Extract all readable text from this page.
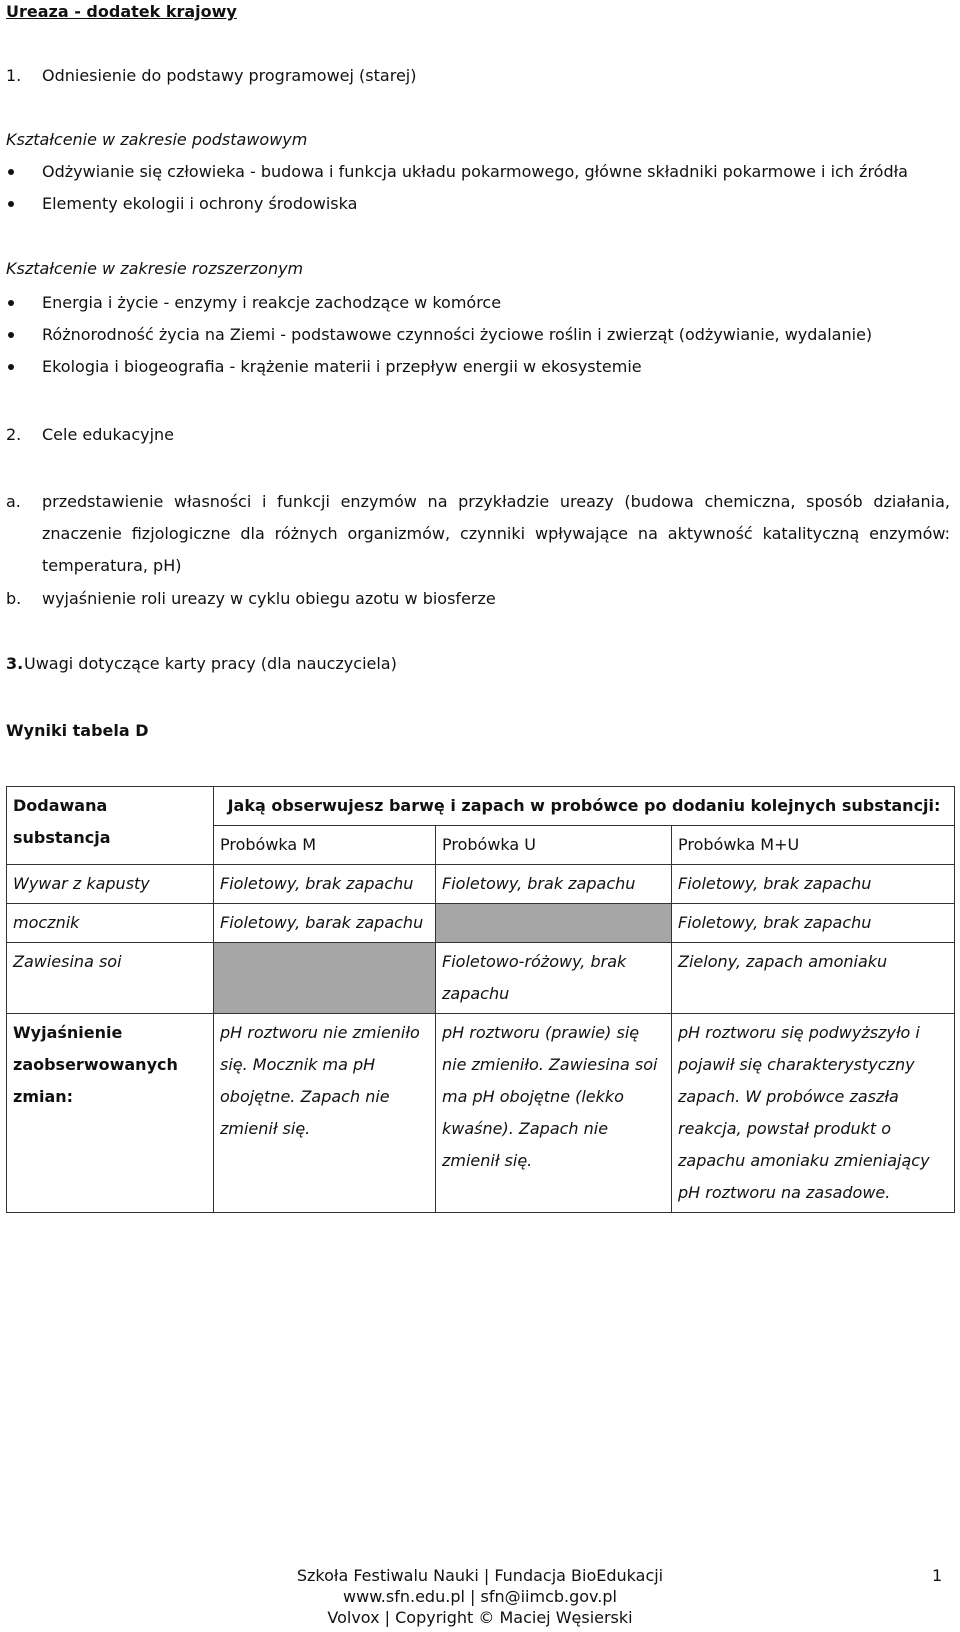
Ureaza - dodatek krajowy
1. Odniesienie do podstawy programowej (starej)
Kształcenie w zakresie podstawowym
Odżywianie się człowieka - budowa i funkcja układu pokarmowego, główne składniki pokarmowe i ich źródła
Elementy ekologii i ochrony środowiska
Kształcenie w zakresie rozszerzonym
Energia i życie - enzymy i reakcje zachodzące w komórce
Różnorodność życia na Ziemi - podstawowe czynności życiowe roślin i zwierząt (odżywianie, wydalanie)
Ekologia i biogeografia - krążenie materii i przepływ energii w ekosystemie
2. Cele edukacyjne
a. przedstawienie własności i funkcji enzymów na przykładzie ureazy (budowa chemiczna, sposób działania,
znaczenie fizjologiczne dla różnych organizmów, czynniki wpływające na aktywność katalityczną enzymów:
temperatura, pH)
b. wyjaśnienie roli ureazy w cyklu obiegu azotu w biosferze
3. Uwagi dotyczące karty pracy (dla nauczyciela)
Wyniki tabela D
Dodawana substancja	Jaką obserwujesz barwę i zapach w probówce po dodaniu kolejnych substancji:		
	Probówka M	Probówka U	Probówka M+U
Wywar z kapusty	Fioletowy, brak zapachu	Fioletowy, brak zapachu	Fioletowy, brak zapachu
mocznik	Fioletowy, barak zapachu		Fioletowy, brak zapachu
Zawiesina soi		Fioletowo-różowy, brak zapachu	Zielony, zapach amoniaku
Wyjaśnienie zaobserwowanych zmian:	pH roztworu nie zmieniło się. Mocznik ma pH obojętne. Zapach nie zmienił się.	pH roztworu (prawie) się nie zmieniło. Zawiesina soi ma pH obojętne (lekko kwaśne). Zapach nie zmienił się.	pH roztworu się podwyższyło i pojawił się charakterystyczny zapach. W probówce zaszła reakcja, powstał produkt o zapachu amoniaku zmieniający pH roztworu na zasadowe.
Szkoła Festiwalu Nauki | Fundacja BioEdukacji
www.sfn.edu.pl | sfn@iimcb.gov.pl
Volvox | Copyright © Maciej Węsierski
1
